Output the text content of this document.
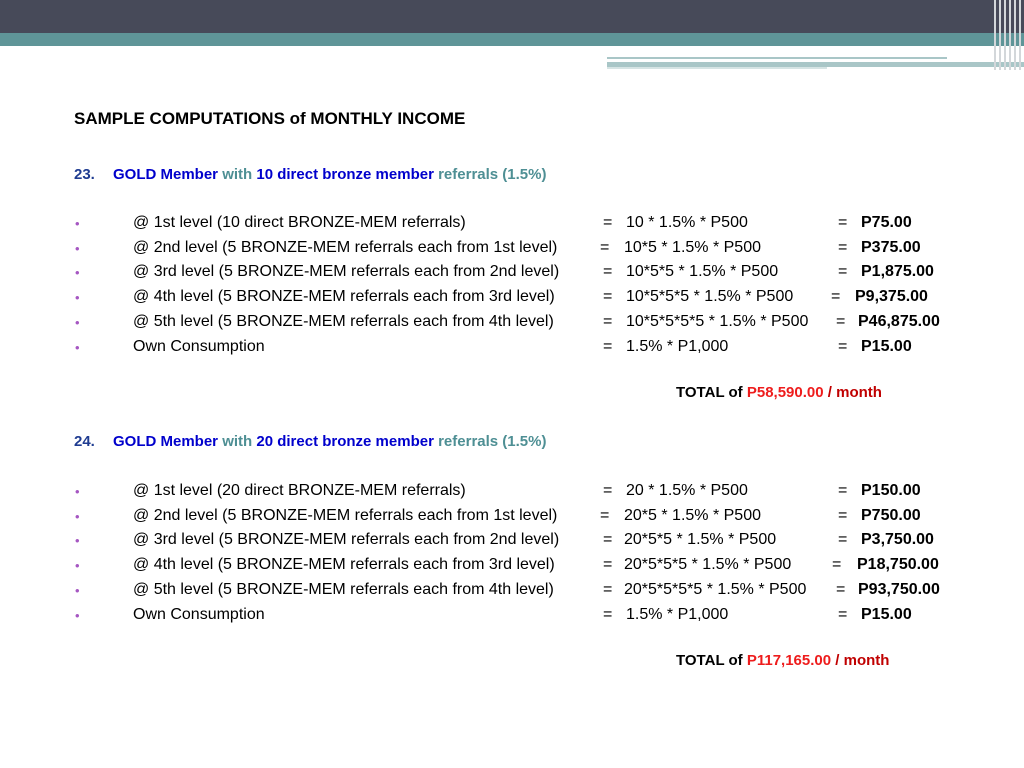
SAMPLE COMPUTATIONS of MONTHLY INCOME
23. GOLD Member with 10 direct bronze member referrals (1.5%)
•	@ 1st level (10 direct BRONZE-MEM referrals)	= 10 * 1.5% * P500	= P75.00
•	@ 2nd level (5 BRONZE-MEM referrals each from 1st level)	= 10*5 * 1.5% * P500	= P375.00
•	@ 3rd level (5 BRONZE-MEM referrals each from 2nd level)	= 10*5*5 * 1.5% * P500	= P1,875.00
•	@ 4th level (5 BRONZE-MEM referrals each from 3rd level)	= 10*5*5*5 * 1.5% * P500 = P9,375.00
•	@ 5th level (5 BRONZE-MEM referrals each from 4th level)	= 10*5*5*5*5 * 1.5% * P500 = P46,875.00
•	Own Consumption	= 1.5% * P1,000	= P15.00
TOTAL of P58,590.00 / month
24. GOLD Member with 20 direct bronze member referrals (1.5%)
•	@ 1st level (20 direct BRONZE-MEM referrals)	= 20 * 1.5% * P500	= P150.00
•	@ 2nd level (5 BRONZE-MEM referrals each from 1st level)	= 20*5 * 1.5% * P500	= P750.00
•	@ 3rd level (5 BRONZE-MEM referrals each from 2nd level)	= 20*5*5 * 1.5% * P500	= P3,750.00
•	@ 4th level (5 BRONZE-MEM referrals each from 3rd level)	= 20*5*5*5 * 1.5% * P500	= P18,750.00
•	@ 5th level (5 BRONZE-MEM referrals each from 4th level)	= 20*5*5*5*5 * 1.5% * P500 = P93,750.00
•	Own Consumption	= 1.5% * P1,000	= P15.00
TOTAL of P117,165.00 / month
